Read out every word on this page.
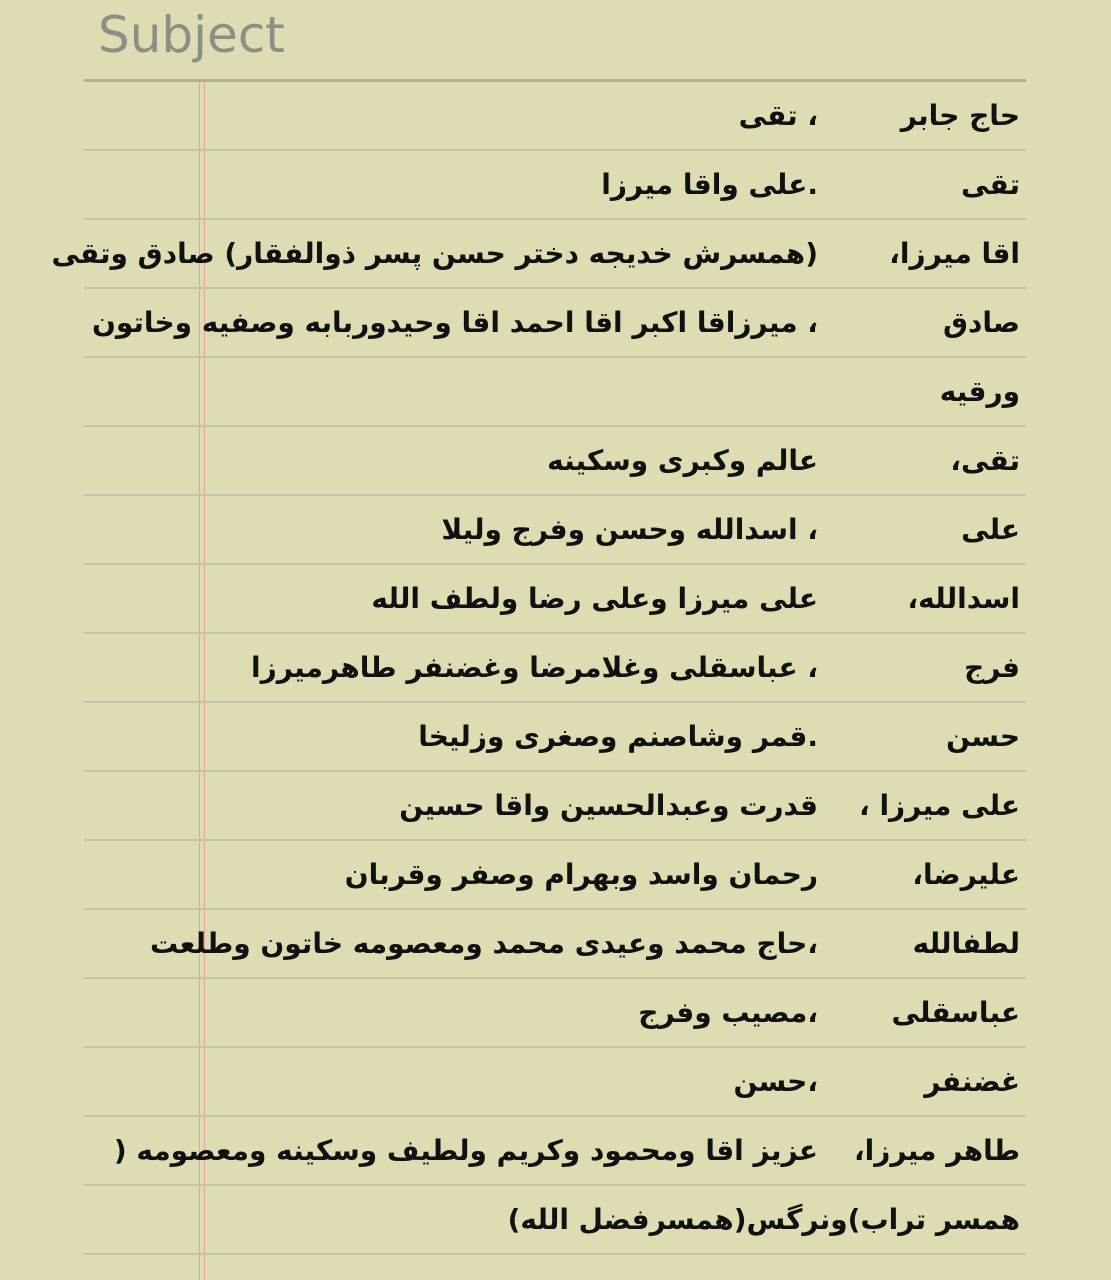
Subject
حاج جابر
، تقی
تقی
.علی واقا میرزا
اقا میرزا،
(همسرش خدیجه دختر حسن پسر ذوالفقار) صادق وتقی
صادق
، میرزاقا اکبر اقا احمد اقا وحیدوربابه وصفیه وخاتون
ورقیه
تقی،
عالم وکبری وسکینه
علی
، اسدالله وحسن وفرج ولیلا
اسدالله،
علی میرزا وعلی رضا ولطف الله
فرج
، عباسقلی وغلامرضا وغضنفر طاهرمیرزا
حسن
.قمر وشاصنم وصغری وزلیخا
علی میرزا ،
قدرت وعبدالحسین واقا حسین
علیرضا،
رحمان واسد وبهرام وصفر وقربان
لطفالله
،حاج محمد وعیدی محمد ومعصومه خاتون وطلعت
عباسقلی
،مصیب وفرج
غضنفر
،حسن
طاهر میرزا،
عزیز اقا ومحمود وکریم ولطیف وسکینه ومعصومه (
همسر تراب)ونرگس(همسرفضل الله)
